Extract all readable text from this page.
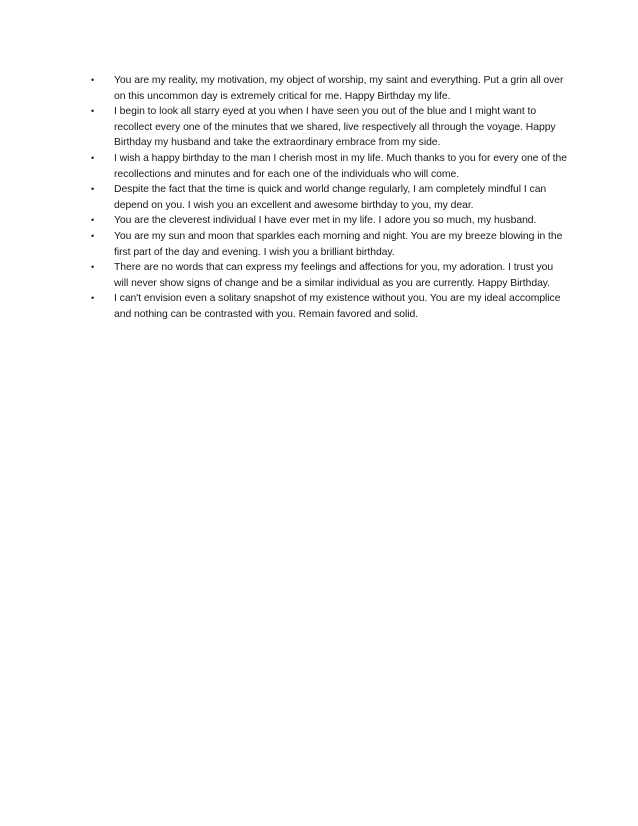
• You are my reality, my motivation, my object of worship, my saint and everything. Put a grin all over on this uncommon day is extremely critical for me. Happy Birthday my life.
• I begin to look all starry eyed at you when I have seen you out of the blue and I might want to recollect every one of the minutes that we shared, live respectively all through the voyage. Happy Birthday my husband and take the extraordinary embrace from my side.
• I wish a happy birthday to the man I cherish most in my life. Much thanks to you for every one of the recollections and minutes and for each one of the individuals who will come.
• Despite the fact that the time is quick and world change regularly, I am completely mindful I can depend on you. I wish you an excellent and awesome birthday to you, my dear.
• You are the cleverest individual I have ever met in my life. I adore you so much, my husband.
• You are my sun and moon that sparkles each morning and night. You are my breeze blowing in the first part of the day and evening. I wish you a brilliant birthday.
• There are no words that can express my feelings and affections for you, my adoration. I trust you will never show signs of change and be a similar individual as you are currently. Happy Birthday.
• I can't envision even a solitary snapshot of my existence without you. You are my ideal accomplice and nothing can be contrasted with you. Remain favored and solid.
